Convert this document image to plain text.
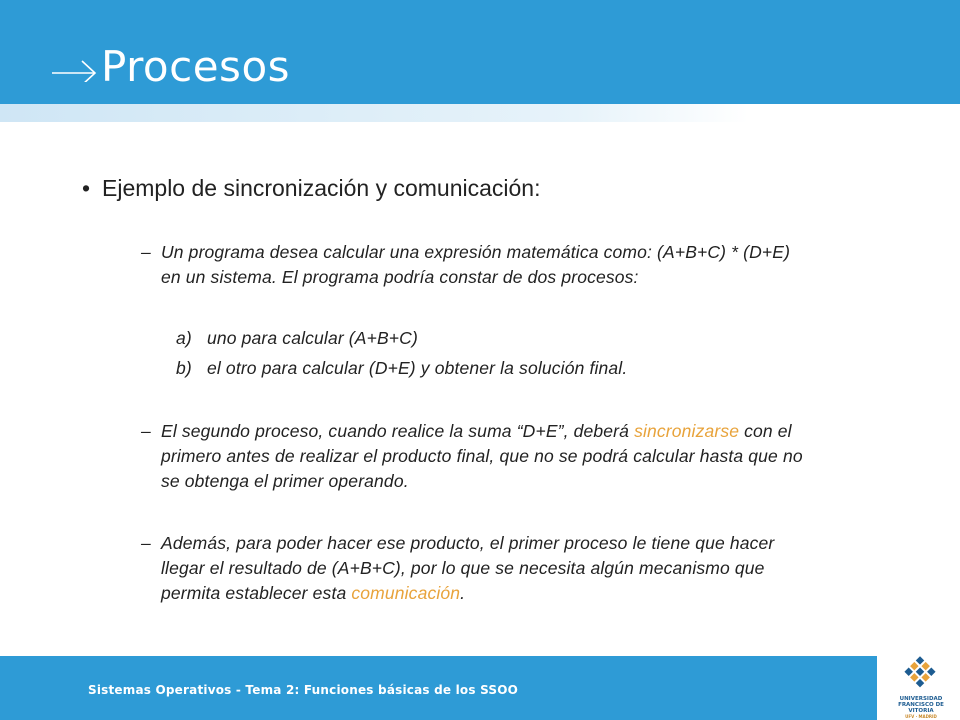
Procesos
• Ejemplo de sincronización y comunicación:
– Un programa desea calcular una expresión matemática como: (A+B+C) * (D+E)
en un sistema. El programa podría constar de dos procesos:
a) uno para calcular (A+B+C)
b) el otro para calcular (D+E) y obtener la solución final.
– El segundo proceso, cuando realice la suma “D+E”, deberá sincronizarse con el
primero antes de realizar el producto final, que no se podrá calcular hasta que no
se obtenga el primer operando.
– Además, para poder hacer ese producto, el primer proceso le tiene que hacer
llegar el resultado de (A+B+C), por lo que se necesita algún mecanismo que
permita establecer esta comunicación.
Sistemas Operativos - Tema 2: Funciones básicas de los SSOO
UNIVERSIDAD
FRANCISCO DE VITORIA
UFV · MADRID
